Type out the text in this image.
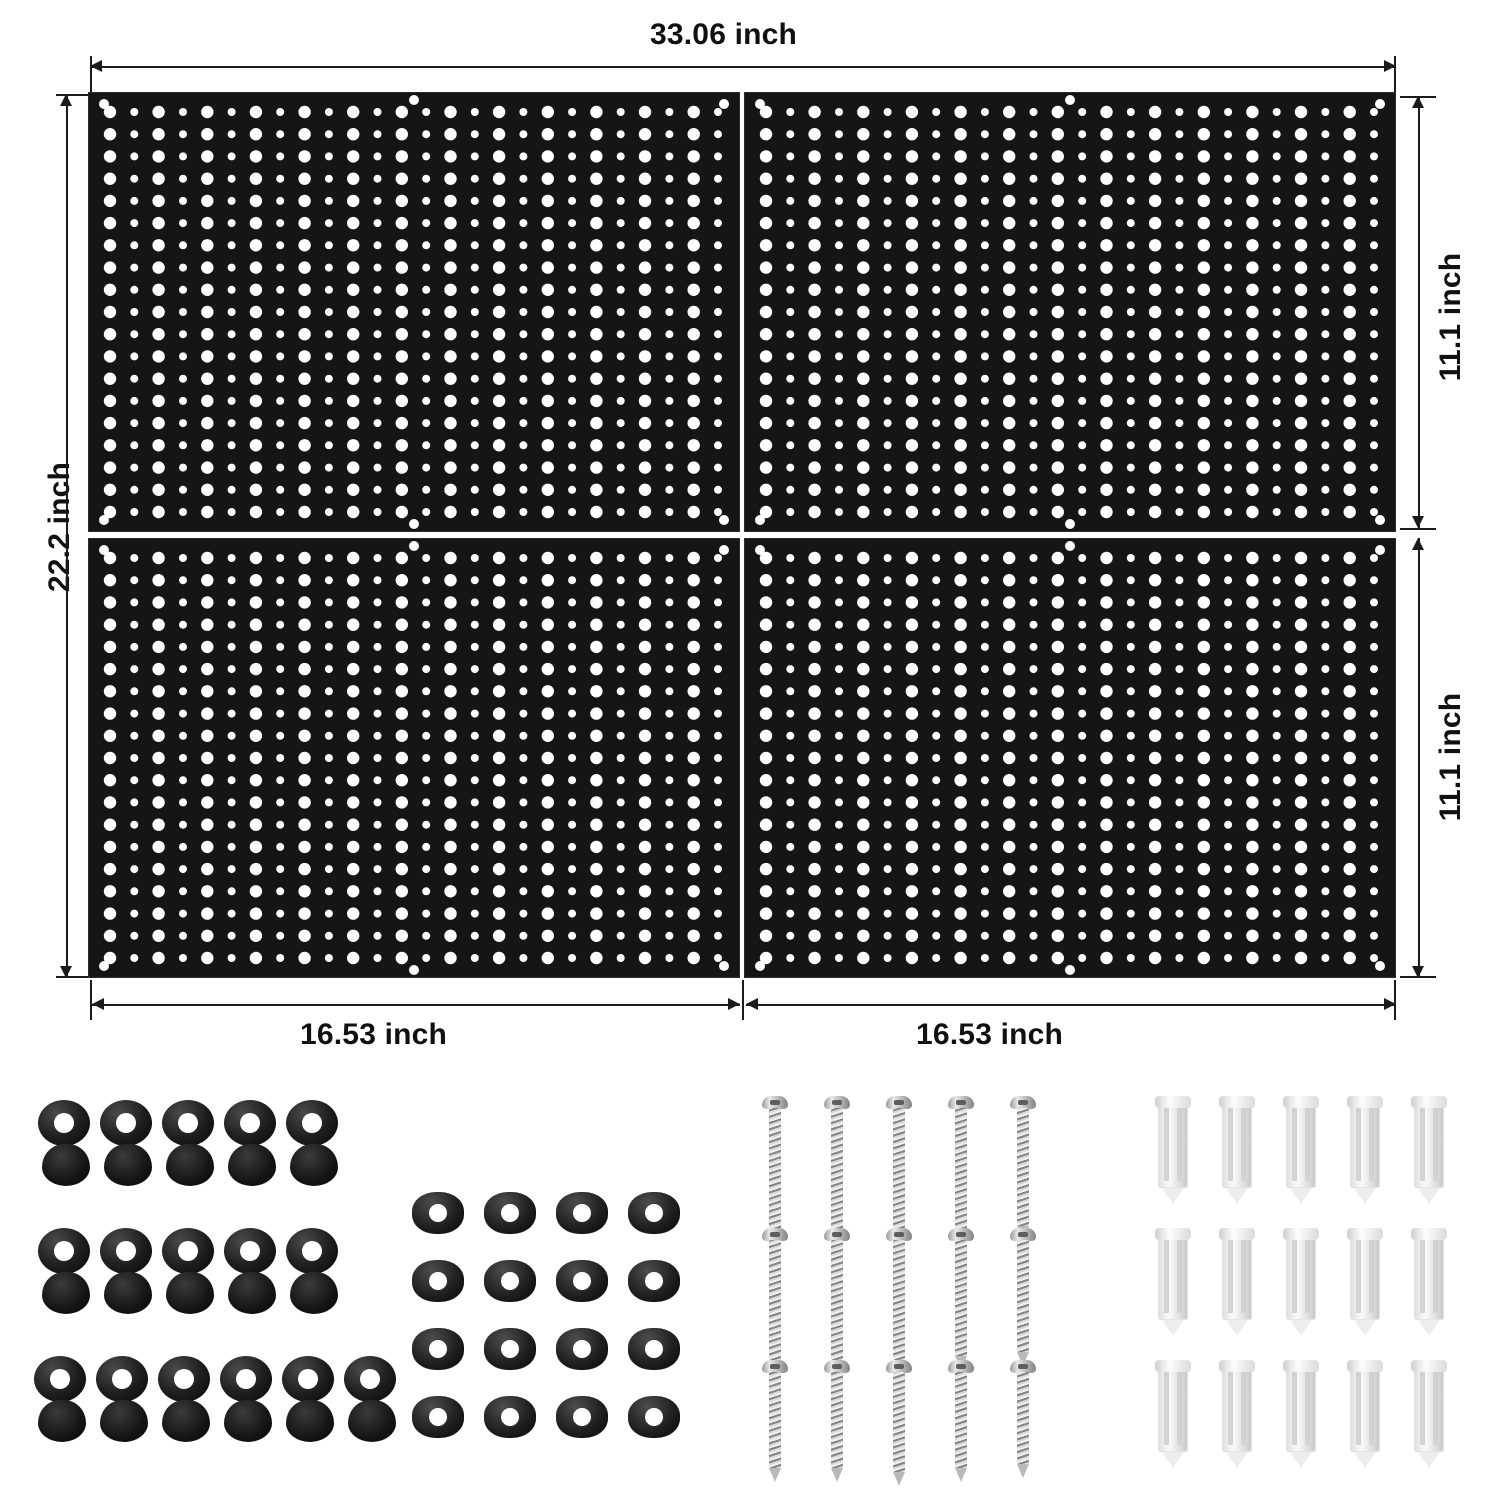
33.06 inch
22.2 inch
11.1 inch
11.1 inch
16.53 inch	16.53 inch
